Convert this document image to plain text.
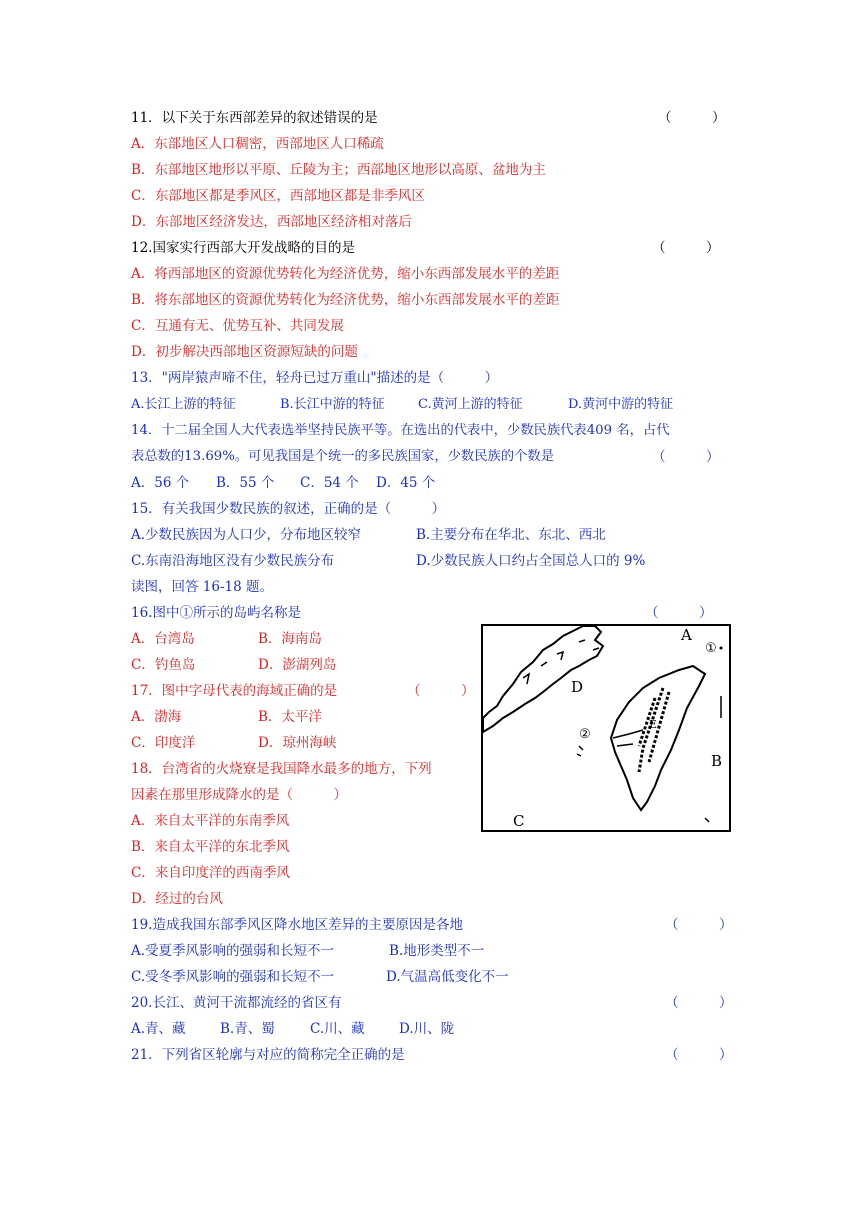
11．以下关于东西部差异的叙述错误的是	（　　　）
A．东部地区人口稠密，西部地区人口稀疏
B．东部地区地形以平原、丘陵为主；西部地区地形以高原、盆地为主
C．东部地区都是季风区，西部地区都是非季风区
D．东部地区经济发达，西部地区经济相对落后
12.国家实行西部大开发战略的目的是	（　　　）
A．将西部地区的资源优势转化为经济优势，缩小东西部发展水平的差距
B．将东部地区的资源优势转化为经济优势，缩小东西部发展水平的差距
C．互通有无、优势互补、共同发展
D．初步解决西部地区资源短缺的问题
13．"两岸猿声啼不住，轻舟已过万重山"描述的是（　　　）
A.长江上游的特征	B.长江中游的特征	C.黄河上游的特征	D.黄河中游的特征
14．十二届全国人大代表选举坚持民族平等。在选出的代表中，少数民族代表409 名，占代
表总数的13.69%。可见我国是个统一的多民族国家，少数民族的个数是	（　　　）
A．56 个 B．55 个 C．54 个 D．45 个
15．有关我国少数民族的叙述，正确的是（　　　）
A.少数民族因为人口少，分布地区较窄	B.主要分布在华北、东北、西北
C.东南沿海地区没有少数民族分布	D.少数民族人口约占全国总人口的 9%
读图，回答 16-18 题。
16.图中①所示的岛屿名称是	（　　　）
A．台湾岛	B．海南岛
C．钓鱼岛	D．澎湖列岛
17．图中字母代表的海域正确的是	（　　　）
A．渤海	B．太平洋
C．印度洋	D．琼州海峡
18．台湾省的火烧寮是我国降水最多的地方，下列
因素在那里形成降水的是（　　　）
A．来自太平洋的东南季风
B．来自太平洋的东北季风
C．来自印度洋的西南季风
D．经过的台风
19.造成我国东部季风区降水地区差异的主要原因是各地	（　　　）
A.受夏季风影响的强弱和长短不一	B.地形类型不一
C.受冬季风影响的强弱和长短不一	D.气温高低变化不一
20.长江、黄河干流都流经的省区有	（　　　）
A.青、藏	B.青、蜀	C.川、藏	D.川、陇
21．下列省区轮廓与对应的简称完全正确的是	（　　　）
A
B
C
D
E
①
②
